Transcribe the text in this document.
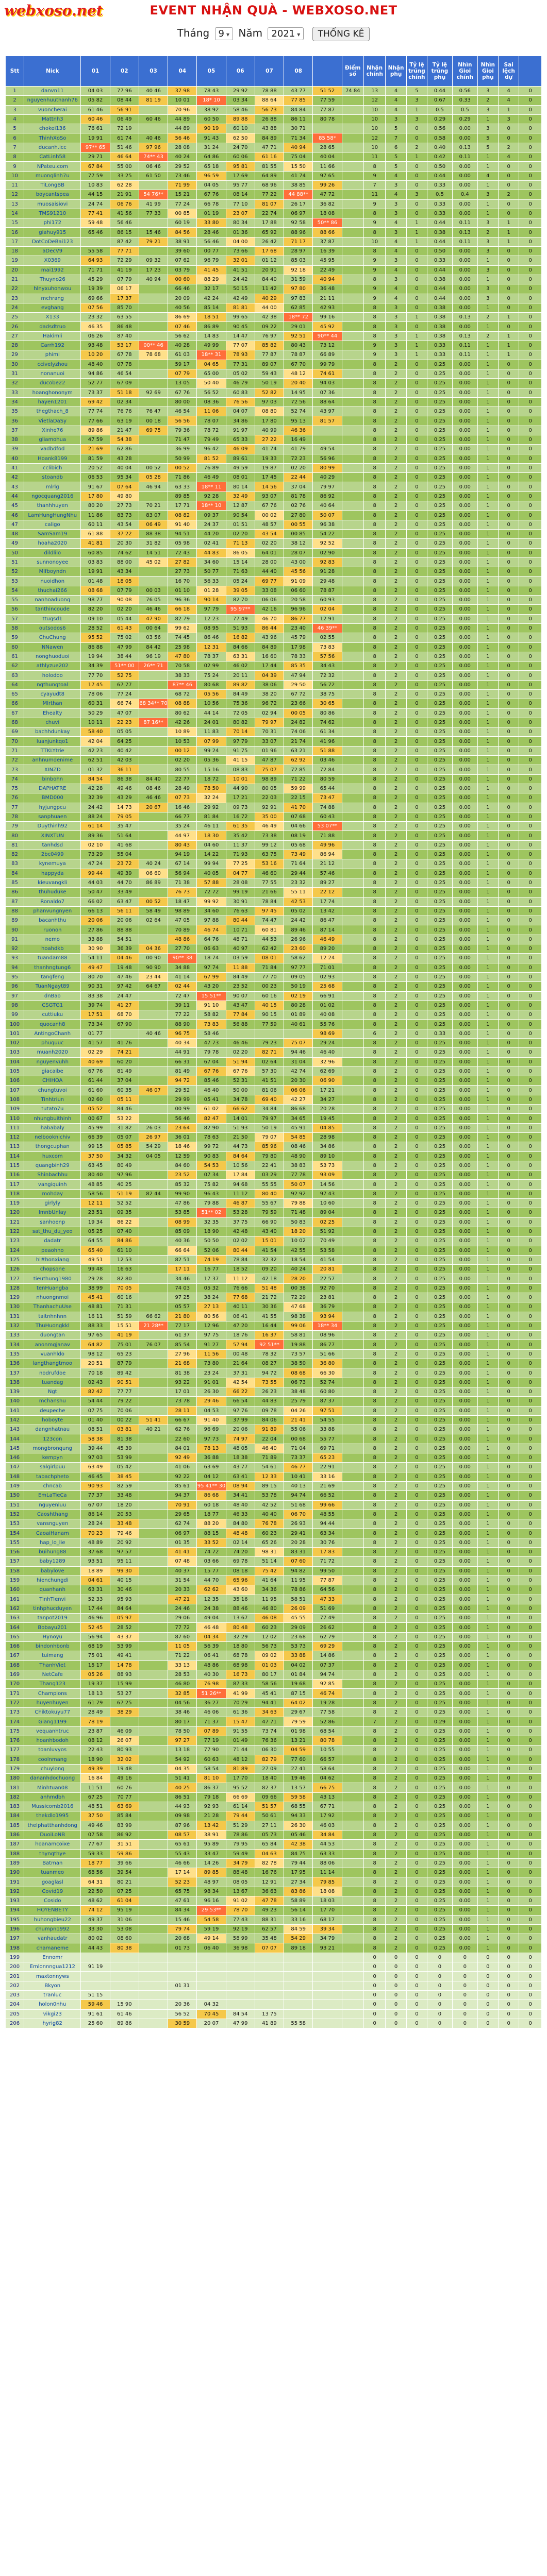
webxoso.net	EVENT NHẬN QUÀ - WEBXOSO.NET
Tháng 9 ▾ Năm 2021 ▾ THỐNG KÊ
Stt	Nick	01	02	03	04	05	06	07	08		Điểm số	Nhận chính	Nhận phụ	Tỷ lệ trúng chính	Tỷ lệ trúng phụ	Nhìn Gioi chính	Nhìn Gioi phụ	Sai lệch dự	
1	danvn11	04 03	77 96	40 46	37 98	78 43	29 92	78 88	43 77	51 52	74 84	13	4	5	0.44	0.56	3	4	0
2	nguyenhuuthanh76	05 82	08 44	81 19	10 01	18* 10	03 34	88 64	77 85	77 59		12	4	3	0.67	0.33	2	4	0
3	vuoncherai	61 46	56 91		70 96	38 92	58 46	56 73	84 84	77 87		10	4	1	0.5	0.5	3	1	0
4	Mattnh3	60 46	06 49	60 46	44 89	60 50	89 88	26 88	86 11	80 78		10	3	3	0.29	0.29	1	3	0
5	chokei136	76 61	72 19		44 89	90 19	60 10	43 88	30 71			10	5	0	0.56	0.00	3	0	0
6	ThinhXoSo	19 91	61 74	40 46	56 46	91 43	62 50	84 89	71 34	85 58*		12	7	0	0.58	0.00	5	0	0
7	ducanh.icc	97** 65	51 46	97 96	28 08	31 24	24 70	47 71	40 94	28 65		10	6	2	0.40	0.13	5	2	0
8	CatLinh58	29 71	46 64	74** 43	40 24	64 86	60 06	61 16	75 04	40 04		11	5	1	0.42	0.11	1	4	0
9	NPateu.com	67 84	55 00	06 46	29 52	65 18	95 81	81 55	15 50	11 66		8	5	0	0.50	0.00	1	0	0
10	muonglinh7u	77 59	33 25	61 50	73 46	96 59	17 69	64 89	41 74	97 65		9	4	0	0.44	0.00	4	0	0
11	TiLongBB	10 83	62 28		71 99	04 05	95 77	68 96	38 85	99 26		7	3	0	0.33	0.00	1	0	0
12	boycantspea	44 15	21 91	54 76**	15 21	67 76	08 14	77 22	44 88**	47 72		11	4	3	0.5	0.4	3	2	0
13	muosaisiovi	24 74	06 76	41 99	77 24	66 78	77 10	81 07	26 17	36 82		9	3	0	0.33	0.00	1	0	0
14	TMS91210	77 41	41 56	77 33	00 85	01 19	23 07	22 74	06 97	18 08		8	3	0	0.33	0.00	1	0	0
15	phi172	59 48	56 46		60 19	33 80	80 34	17 88	92 58	50** 86		9	4	1	0.44	0.11	3	1	0
16	giahuy915	65 46	86 15	15 46	84 56	28 46	01 36	65 92	88 96	88 66		8	3	1	0.38	0.13	2	1	0
17	DotCoDeBai123		87 42	79 21	38 91	56 46	04 00	26 42	71 17	37 87		10	4	1	0.44	0.11	3	1	0
18	aDecV9	55 58	77 71		39 60	00 77	73 66	17 68	28 97	16 39		8	4	0	0.50	0.00	3	0	0
19	X0369	64 93	72 29	09 32	07 62	96 79	32 01	01 12	85 03	45 95		9	3	0	0.33	0.00	1	0	0
20	mai1992	71 71	41 19	17 23	03 79	41 45	41 51	20 91	92 18	22 49		9	4	0	0.44	0.00	3	0	0
21	Thuyno26	45 29	07 79	40 94	00 60	88 29	24 42	84 40	31 59	40 94		8	3	0	0.38	0.00	1	0	0
22	hlnyxuhonwou	19 39	06 17		66 46	32 17	50 15	11 42	97 80	36 48		9	4	0	0.44	0.00	3	0	0
23	mchrang	69 66	17 37		20 09	42 24	42 49	40 29	97 83	21 11		9	4	0	0.44	0.00	3	0	0
24	evghang	07 56	85 70		40 56	85 14	81 81	44 00	62 85	42 93		8	3	0	0.38	0.00	1	0	0
25	X133	23 32	63 55		86 69	18 51	99 65	42 38	18** 72	99 16		8	3	1	0.38	0.13	2	1	0
26	dadsdtruo	46 35	86 48		07 46	86 89	90 45	09 22	29 01	45 92		8	3	0	0.38	0.00	1	0	0
27	Hakimli	06 26	87 40		56 62	14 83	14 47	76 97	92 51	90** 44		8	3	1	0.38	0.13	2	1	0
28	Carrh192	93 48	53 17	00** 46	40 28	49 99	77 07	85 82	80 43	73 12		9	3	1	0.33	0.11	1	1	0
29	phimi	10 20	67 78	78 68	61 03	18** 31	78 93	77 87	78 87	66 89		9	3	1	0.33	0.11	1	1	0
30	ccivelyzhou	48 40	07 78		59 17	04 65	77 31	89 07	67 70	99 79		8	2	0	0.25	0.00	1	0	0
31	nonanuoi	94 86	46 54		07 79	65 00	05 02	59 43	48 12	74 61		8	2	0	0.25	0.00	1	0	0
32	ducobe22	52 77	67 09		13 05	50 40	46 79	50 19	20 40	94 03		8	2	0	0.25	0.00	1	0	0
33	hoanghononym	73 37	51 18	92 69	67 76	56 52	60 83	52 82	14 95	07 36		8	2	0	0.25	0.00	1	0	0
34	hayen1201	69 42	02 34		80 00	08 36	76 56	97 03	72 56	88 64		8	2	0	0.25	0.00	1	0	0
35	thegthach_8	77 74	76 76	76 47	46 54	11 06	04 07	08 80	52 74	43 97		8	2	0	0.25	0.00	1	0	0
36	VietlaDaSy	77 66	63 19	00 18	56 56	78 07	34 86	17 80	95 13	81 57		8	2	0	0.25	0.00	1	0	0
37	Xinhe76	89 86	21 47	69 75	79 36	78 72	91 97	40 99	46 36			8	2	0	0.25	0.00	1	0	0
38	gliamohua	47 59	54 38		71 47	79 49	65 33	27 22	16 49			8	2	0	0.25	0.00	1	0	0
39	vadbdfod	21 69	62 86		36 99	96 42	46 09	41 74	41 79	49 54		8	2	0	0.25	0.00	1	0	0
40	Hoank8199	81 59	43 28		50 99	81 52	89 61	19 33	72 23	56 96		8	2	0	0.25	0.00	1	0	0
41	cclibich	20 52	40 04	00 52	00 52	76 89	49 59	19 87	02 20	80 99		8	2	0	0.25	0.00	1	0	0
42	stoandb	06 53	95 34	05 28	71 86	46 49	08 01	17 45	22 44	40 29		8	2	0	0.25	0.00	1	0	0
43	mlrlg	91 67	07 64	46 94	63 33	18** 11	80 14	14 56	37 04	79 97		8	2	0	0.25	0.00	1	0	0
44	ngocquang2016	17 80	49 80		89 85	92 28	32 49	93 07	81 78	86 92		8	2	0	0.25	0.00	1	0	0
45	thanhhuyen	80 20	27 73	70 21	17 71	18** 10	12 87	67 76	02 76	40 64		8	2	0	0.25	0.00	1	0	0
46	LamHungHungNhu	11 86	83 73	83 07	08 82	09 37	90 54	00 02	27 80	50 07		8	2	0	0.25	0.00	1	0	0
47	caligo	60 11	43 54	06 49	91 40	24 37	01 51	48 57	00 55	96 38		8	2	0	0.25	0.00	1	0	0
48	SamSam19	61 88	37 22	88 38	94 51	44 20	02 20	43 54	00 85	54 22		8	2	0	0.25	0.00	1	0	0
49	hoaha2020	41 81	20 30	31 82	05 98	02 41	71 13	02 20	38 12	92 52		8	2	0	0.25	0.00	1	0	0
50	dildlilo	60 85	74 62	14 51	72 43	44 83	86 05	64 01	28 07	02 90		8	2	0	0.25	0.00	1	0	0
51	sunnonoyee	03 83	88 00	45 02	27 82	34 60	15 14	28 00	43 00	92 83		8	2	0	0.25	0.00	1	0	0
52	Mlfboyndn	19 91	43 34		27 73	50 77	71 63	44 40	45 56	91 28		8	2	0	0.25	0.00	1	0	0
53	nuoidhon	01 48	18 05		16 70	56 33	05 24	69 77	91 09	29 48		8	2	0	0.25	0.00	1	0	0
54	thuchai266	08 68	07 79	00 03	01 10	01 28	39 05	33 08	06 60	78 87		8	2	0	0.25	0.00	1	0	0
55	nanhoaduong	98 77	90 08	76 05	96 36	90 14	82 70	06 06	20 58	60 93		8	2	0	0.25	0.00	1	0	0
56	tanthincoude	82 20	02 20	46 46	66 18	97 79	95 97**	42 16	96 96	02 04		8	2	0	0.25	0.00	1	0	0
57	ttugsd1	09 10	05 44	47 90	82 79	12 23	77 49	46 70	86 77	12 91		8	2	0	0.25	0.00	1	0	0
58	outsodos6	28 52	61 43	00 64	99 62	08 95	51 93	86 44	23 40	46 39**		8	2	0	0.25	0.00	1	0	0
59	ChuChung	95 52	75 02	03 56	74 45	86 46	16 82	43 96	45 79	02 55		8	2	0	0.25	0.00	1	0	0
60	NNawen	86 88	47 99	84 42	25 98	12 31	84 66	84 89	17 98	73 83		8	2	0	0.25	0.00	1	0	0
61	nonghuoduoi	19 94	38 44	96 19	47 80	78 37	63 31	16 60	78 33	57 56		8	2	0	0.25	0.00	1	0	0
62	athlyzue202	34 39	51** 00	26** 71	70 58	02 99	46 02	17 44	85 35	34 43		8	2	0	0.25	0.00	1	0	0
63	holodoo	77 70	52 75		38 33	75 24	20 11	04 39	47 94	72 32		8	2	0	0.25	0.00	1	0	0
64	ngthungtoal	17 45	67 77		87** 46	80 68	89 82	38 06	29 50	56 72		8	2	0	0.25	0.00	1	0	0
65	cyayudt8	78 06	77 24		68 72	05 56	84 49	38 20	67 72	38 75		8	2	0	0.25	0.00	1	0	0
66	Mlrthan	60 31	66 74	68 34** 70	08 88	10 56	75 36	96 72	23 66	30 65		8	2	0	0.25	0.00	1	0	0
67	Ehealty	50 29	47 07		80 62	44 14	72 05	02 94	00 05	80 86		8	2	0	0.25	0.00	1	0	0
68	chuvi	10 11	22 23	87 16**	42 26	24 01	80 82	79 97	24 82	74 62		8	2	0	0.25	0.00	1	0	0
69	bachhdunkay	58 40	05 05		10 89	11 83	70 14	70 31	74 06	61 34		8	2	0	0.25	0.00	1	0	0
70	luanjunkqo1	42 04	64 25		10 53	07 99	97 79	33 07	21 74	41 96		8	2	0	0.25	0.00	1	0	0
71	TTKLYtrie	42 23	40 42		00 12	99 24	91 75	01 96	63 21	51 88		8	2	0	0.25	0.00	1	0	0
72	anhnumdenime	62 51	42 03		02 20	05 36	41 15	47 87	62 92	03 46		8	2	0	0.25	0.00	1	0	0
73	XINZD	01 32	36 11		80 55	15 16	08 83	75 07	72 85	72 84		8	2	0	0.25	0.00	1	0	0
74	binbohn	84 54	86 38	84 40	22 77	18 72	10 01	98 89	71 22	80 59		8	2	0	0.25	0.00	1	0	0
75	DAPHATRE	42 28	49 46	08 46	28 49	78 50	44 90	80 05	59 99	65 44		8	2	0	0.25	0.00	1	0	0
76	BMD000	32 39	43 29	46 46	07 73	32 24	17 21	22 03	22 15	73 47		8	2	0	0.25	0.00	1	0	0
77	hyjungpcu	24 42	14 73	20 67	16 46	29 92	09 73	92 91	41 70	74 88		8	2	0	0.25	0.00	1	0	0
78	sanphuaen	88 24	79 05		66 77	81 84	16 72	35 00	07 68	60 43		8	2	0	0.25	0.00	1	0	0
79	Duythinh92	61 14	35 47		35 24	46 11	61 35	46 49	04 66	53 07**		8	2	0	0.25	0.00	1	0	0
80	XINXTUN	89 36	51 64		44 97	18 30	35 42	73 38	08 19	71 88		8	2	0	0.25	0.00	1	0	0
81	tanhdsd	02 10	41 68		80 43	04 60	11 37	99 12	05 68	49 96		8	2	0	0.25	0.00	1	0	0
82	2bc0499	73 29	55 04		94 19	14 22	71 93	63 75	73 49	86 94		8	2	0	0.25	0.00	1	0	0
83	kynemuya	47 24	23 72	40 24	67 14	99 94	77 25	53 16	71 64	21 12		8	2	0	0.25	0.00	1	0	0
84	happyda	99 44	49 39	06 60	56 94	40 05	04 77	46 60	29 44	57 46		8	2	0	0.25	0.00	1	0	0
85	kieuvangkli	44 03	44 70	86 89	71 38	57 88	28 08	77 55	23 32	89 27		8	2	0	0.25	0.00	1	0	0
86	thuhuduke	50 47	33 49		76 73	72 72	99 19	21 66	55 11	22 12		8	2	0	0.25	0.00	1	0	0
87	Ronaldo7	66 02	63 47	00 52	18 47	99 92	30 91	78 84	42 53	17 74		8	2	0	0.25	0.00	1	0	0
88	phanvungnyen	66 13	56 11	58 49	98 89	34 60	76 63	97 45	05 02	13 42		8	2	0	0.25	0.00	1	0	0
89	bacanhthu	20 06	20 06	02 64	47 05	97 88	80 44	74 47	24 42	86 47		8	2	0	0.25	0.00	1	0	0
90	ruonon	27 86	88 88		70 89	46 74	10 71	60 81	89 46	87 14		8	2	0	0.25	0.00	1	0	0
91	nemo	33 88	54 51		48 86	64 76	48 71	44 53	26 96	46 49		8	2	0	0.25	0.00	1	0	0
92	hoahdkb	30 90	36 39	04 36	27 70	06 63	40 97	62 42	23 60	89 20		8	2	0	0.25	0.00	1	0	0
93	tuandam88	54 11	04 46	00 90	90** 38	18 74	03 59	08 01	58 62	12 24		8	2	0	0.25	0.00	1	0	0
94	thanhngtung6	49 47	19 48	90 90	34 88	97 74	11 88	71 84	97 77	71 01		8	2	0	0.25	0.00	1	0	0
95	tangfeng	80 70	47 46	23 44	41 14	67 99	84 49	77 70	09 05	02 93		8	2	0	0.25	0.00	1	0	0
96	TuanNgayt89	90 31	97 42	64 67	02 44	43 20	23 52	00 23	50 19	25 68		8	2	0	0.25	0.00	1	0	0
97	dnBao	83 38	24 47		72 47	15 51**	90 07	60 16	02 19	66 91		8	2	0	0.25	0.00	1	0	0
98	CSGTG1	39 74	41 27		39 11	91 10	43 47	40 15	80 28	01 02		8	2	0	0.25	0.00	1	0	0
99	cuttiuku	17 51	68 70		77 22	58 82	77 84	90 15	01 89	40 08		8	2	0	0.25	0.00	1	0	0
100	quocanh8	73 34	67 90		88 90	73 83	56 88	77 59	40 61	55 76		8	2	0	0.25	0.00	1	0	0
101	AntingoChanh	01 77		40 46	96 75	58 46				98 69		6	2	0	0.33	0.00	1	0	0
102	phuquuc	41 57	41 76		40 34	47 73	46 46	79 23	75 07	29 24		8	2	0	0.25	0.00	1	0	0
103	muanh2020	02 29	74 21		44 91	79 78	02 20	82 71	94 46	46 40		8	2	0	0.25	0.00	1	0	0
104	nguyenvuhh	40 69	60 20		66 31	67 04	51 94	02 64	31 04	32 96		8	2	0	0.25	0.00	1	0	0
105	giacaibe	67 76	81 49		81 49	67 76	67 76	57 30	42 74	62 69		8	2	0	0.25	0.00	1	0	0
106	CHIHOA	61 44	37 04		94 72	85 46	52 31	41 51	20 30	06 90		8	2	0	0.25	0.00	1	0	0
107	chungtuvoi	61 60	60 35	46 07	29 52	46 40	50 00	81 06	06 06	17 21		8	2	0	0.25	0.00	1	0	0
108	Tinhtriun	02 60	05 11		29 99	05 41	34 78	69 40	42 27	34 27		8	2	0	0.25	0.00	1	0	0
109	tutato7u	05 52	84 46		00 99	61 02	66 62	34 84	86 68	20 28		8	2	0	0.25	0.00	1	0	0
110	nhungbuithinh	00 67	53 22		56 46	82 47	14 01	79 97	34 65	19 45		8	2	0	0.25	0.00	1	0	0
111	hababaly	45 99	31 82	26 03	23 64	82 90	51 93	50 19	45 91	04 85		8	2	0	0.25	0.00	1	0	0
112	nelbooknichiv	66 39	05 07	26 97	36 01	78 63	21 50	79 07	54 85	28 98		8	2	0	0.25	0.00	1	0	0
113	thongcuphan	99 15	05 85	54 29	18 46	99 72	44 73	85 96	08 46	34 86		8	2	0	0.25	0.00	1	0	0
114	huxcom	37 50	34 32	04 05	12 59	90 83	84 64	79 80	48 90	89 10		8	2	0	0.25	0.00	1	0	0
115	quangbinh29	63 45	80 49		84 60	54 53	10 56	22 41	38 83	53 73		8	2	0	0.25	0.00	1	0	0
116	Shinbachhu	80 40	97 96		23 52	07 34	17 84	03 29	77 78	93 09		8	2	0	0.25	0.00	1	0	0
117	vangiquinh	48 85	40 25		85 32	75 82	94 68	55 55	50 07	14 56		8	2	0	0.25	0.00	1	0	0
118	mohday	58 56	51 19	82 44	99 90	96 43	11 12	80 40	92 92	97 43		8	2	0	0.25	0.00	1	0	0
119	girlyly	12 11	52 52		47 86	79 88	46 87	55 67	79 88	10 60		8	2	0	0.25	0.00	1	0	0
120	ImnbUnlay	23 51	09 35		53 85	51** 02	53 28	79 59	71 48	89 04		8	2	0	0.25	0.00	1	0	0
121	sanhoenp	19 34	86 22		08 99	32 35	37 75	66 90	50 83	02 25		8	2	0	0.25	0.00	1	0	0
122	sat_thu_du_yeo	05 25	07 40		85 09	18 90	42 48	43 40	18 20	51 92		8	2	0	0.25	0.00	1	0	0
123	dadatr	64 55	84 86		40 36	50 50	02 02	15 01	10 02	70 49		8	2	0	0.25	0.00	1	0	0
124	peaohno	65 40	61 10		66 64	52 06	80 44	41 54	42 55	53 58		8	2	0	0.25	0.00	1	0	0
125	hl#honxiang	49 51	12 53		82 51	74 19	78 84	32 32	18 54	41 54		8	2	0	0.25	0.00	1	0	0
126	chopsone	99 48	16 63		17 11	16 77	18 52	09 20	40 24	20 81		8	2	0	0.25	0.00	1	0	0
127	tieuthung1980	29 28	82 80		34 46	17 37	11 12	42 18	28 20	22 57		8	2	0	0.25	0.00	1	0	0
128	tenHuangba	38 99	70 05		74 03	05 32	76 66	51 48	00 38	92 70		8	2	0	0.25	0.00	1	0	0
129	nhuongnmoi	45 41	60 16		97 25	38 24	77 68	21 72	72 29	23 81		8	2	0	0.25	0.00	1	0	0
130	ThanhachuUse	48 81	71 31		05 57	27 13	40 11	30 36	47 68	36 79		8	2	0	0.25	0.00	1	0	0
131	taitnhnhnn	16 11	51 59	66 62	21 80	80 56	06 41	41 55	98 38	93 94		8	2	0	0.25	0.00	1	0	0
132	ThuHuongkkl	88 33	15 51	21 28**	77 17	12 96	47 20	16 44	99 06	18** 34		8	2	0	0.25	0.00	1	0	0
133	duongtan	97 65	41 19		61 37	97 75	18 76	16 37	58 81	08 96		8	2	0	0.25	0.00	1	0	0
134	anonmgjanav	64 82	75 01	76 07	85 54	91 27	57 94	92 51**	19 88	86 77		8	2	0	0.25	0.00	1	0	0
135	vuanhldo	98 12	65 23		27 96	11 56	00 48	78 32	73 57	51 66		8	2	0	0.25	0.00	1	0	0
136	langthangtmoo	20 51	87 79		21 68	73 80	21 64	08 27	38 50	36 80		8	2	0	0.25	0.00	1	0	0
137	nodrufdoe	70 18	89 42		81 38	23 24	37 31	94 72	08 68	66 30		8	2	0	0.25	0.00	1	0	0
138	tuandag	02 43	90 51		93 22	91 01	42 54	73 55	06 73	52 74		8	2	0	0.25	0.00	1	0	0
139	Ngt	82 42	77 77		17 01	26 30	66 22	26 23	38 48	60 80		8	2	0	0.25	0.00	1	0	0
140	mchanshu	54 44	79 22		73 78	29 46	66 54	44 83	25 79	87 37		8	2	0	0.25	0.00	1	0	0
141	deupeche	07 75	70 06		28 11	04 53	97 76	09 78	04 26	97 51		8	2	0	0.25	0.00	1	0	0
142	hoboyte	01 40	00 22	51 41	66 67	91 40	37 99	84 06	21 41	54 55		8	2	0	0.25	0.00	1	0	0
143	dangnhatnau	08 51	03 81	40 21	62 76	96 69	20 06	91 89	55 06	33 88		8	2	0	0.25	0.00	1	0	0
144	123con	58 38	81 38		22 60	97 73	74 97	22 04	00 68	55 77		8	2	0	0.25	0.00	1	0	0
145	mongbronqung	39 44	45 39		84 01	78 13	48 05	46 40	71 04	69 71		8	2	0	0.25	0.00	1	0	0
146	kempyn	97 03	53 99		92 49	36 88	18 38	71 89	73 37	65 23		8	2	0	0.25	0.00	1	0	0
147	salgirlpuu	63 49	05 42		41 06	63 69	43 77	54 61	46 77	22 91		8	2	0	0.25	0.00	1	0	0
148	tabachpheto	46 45	38 45		92 22	04 12	63 41	12 33	10 41	33 16		8	2	0	0.25	0.00	1	0	0
149	chncab	90 93	82 59		85 61	95 41** 30	08 94	89 15	40 13	21 69		8	2	0	0.25	0.00	1	0	0
150	EmLaTieCa	77 37	33 48		94 37	86 68	34 41	53 78	94 74	66 52		8	2	0	0.25	0.00	1	0	0
151	nguyenluu	67 07	18 20		70 91	60 18	48 40	42 52	51 68	99 66		8	2	0	0.25	0.00	1	0	0
152	Caoshthang	86 14	20 53		29 65	18 77	46 33	40 40	06 70	48 55		8	2	0	0.25	0.00	1	0	0
153	vansnguyen	28 24	33 48		62 74	88 20	84 80	76 78	26 93	94 44		8	2	0	0.25	0.00	1	0	0
154	CaoaiHanam	70 23	79 46		06 97	88 15	48 48	60 23	29 41	63 34		8	2	0	0.25	0.00	1	0	0
155	hap_lo_lie	48 89	20 92		01 35	33 52	02 14	65 26	20 28	30 76		8	2	0	0.25	0.00	1	0	0
156	buihung88	37 68	97 57		41 41	74 72	74 20	98 31	83 31	17 83		8	2	0	0.25	0.00	1	0	0
157	baby1289	93 51	95 11		07 48	03 66	69 78	51 14	07 60	71 72		8	2	0	0.25	0.00	1	0	0
158	babylove	18 89	99 30		40 37	15 77	08 18	75 42	94 82	99 50		8	2	0	0.25	0.00	1	0	0
159	hienchungdi	04 61	40 15		31 54	44 70	65 96	41 64	11 95	77 87		8	2	0	0.25	0.00	1	0	0
160	quanhanh	63 31	30 46		20 33	62 62	43 60	34 36	78 86	64 56		8	2	0	0.25	0.00	1	0	0
161	TinhTienvi	52 33	95 93		47 21	12 35	35 16	11 95	58 51	47 33		8	2	0	0.25	0.00	1	0	0
162	tinhphucduyen	17 44	84 64		24 46	24 38	88 46	46 80	26 09	51 69		8	2	0	0.25	0.00	1	0	0
163	tanpot2019	46 96	05 97		29 06	49 04	13 67	46 08	45 55	77 49		8	2	0	0.25	0.00	1	0	0
164	Bobayu201	52 45	28 52		77 72	46 48	80 48	60 23	29 09	26 62		8	2	0	0.25	0.00	1	0	0
165	Hynoyu	56 94	43 37		87 60	04 34	32 29	12 02	23 68	62 79		8	2	0	0.25	0.00	1	0	0
166	bindonhbonb	68 19	53 99		11 05	56 39	18 80	56 73	53 73	69 29		8	2	0	0.25	0.00	1	0	0
167	tuimang	75 01	49 41		71 22	06 41	68 78	09 02	33 88	14 86		8	2	0	0.25	0.00	1	0	0
168	ThanhViet	15 17	14 78		33 13	48 86	68 98	01 03	04 02	07 37		8	2	0	0.25	0.00	1	0	0
169	NetCafe	05 26	88 93		28 53	40 30	16 73	80 17	01 84	94 74		8	2	0	0.25	0.00	1	0	0
170	Thang123	19 37	15 99		46 80	76 98	87 33	58 56	19 68	92 85		8	2	0	0.25	0.00	1	0	0
171	Champions	18 13	53 27		32 85	51 26**	41 99	45 41	87 15	46 74		8	2	0	0.25	0.00	1	0	0
172	huyenhuyen	61 79	67 25		04 56	36 27	70 29	94 41	64 02	19 28		8	2	0	0.25	0.00	1	0	0
173	Chiktokuyu77	28 49	38 29		38 46	46 06	61 36	34 63	29 67	77 58		8	2	0	0.25	0.00	1	0	0
174	Giang1199	78 19			80 17	71 37	15 47	47 71	79 59	52 86		7	2	0	0.29	0.00	1	0	0
175	vequanhtruc	23 87	46 09		78 50	07 89	91 55	73 74	01 98	68 54		8	2	0	0.25	0.00	1	0	0
176	hoanhbodoh	08 12	26 07		97 27	77 19	01 49	76 36	13 21	80 78		8	2	0	0.25	0.00	1	0	0
177	toanluvyos	22 43	80 93		13 18	77 90	71 44	06 30	04 59	10 55		8	2	0	0.25	0.00	1	0	0
178	coolnmang	18 90	32 02		54 92	60 63	48 12	82 79	77 60	66 57		8	2	0	0.25	0.00	1	0	0
179	chuylong	49 39	19 48		04 35	58 54	81 89	27 09	27 41	58 64		8	2	0	0.25	0.00	1	0	0
180	dananhdochuong	16 84	49 16		51 41	81 10	17 70	18 40	19 46	04 62		8	2	0	0.25	0.00	1	0	0
181	Minhtuan08	11 51	60 76		40 25	86 37	95 52	82 37	13 57	66 75		8	2	0	0.25	0.00	1	0	0
182	anhmdbh	67 25	70 77		86 51	79 18	66 69	09 66	59 58	43 13		8	2	0	0.25	0.00	1	0	0
183	Mussicomb2016	48 51	63 69		44 93	92 93	61 14	51 57	68 55	67 71		8	2	0	0.25	0.00	1	0	0
184	thekdlo1995	37 50	85 84		09 98	21 28	79 44	50 61	94 33	17 92		8	2	0	0.25	0.00	1	0	0
185	theIphatthanhdong	49 46	83 99		87 96	13 42	51 29	27 11	26 30	46 03		8	2	0	0.25	0.00	1	0	0
186	DuoiLoNB	07 58	86 92		08 57	38 91	78 86	05 73	05 46	34 84		8	2	0	0.25	0.00	1	0	0
187	hoanamcoixe	77 67	31 51		65 61	95 89	79 95	65 84	42 38	44 53		8	2	0	0.25	0.00	1	0	0
188	thyngthye	59 33	59 86		55 43	33 47	59 49	04 63	84 75	63 33		8	2	0	0.25	0.00	1	0	0
189	Batman	18 77	39 66		46 66	14 26	34 79	82 78	79 44	88 06		8	2	0	0.25	0.00	1	0	0
190	tuanmeo	68 56	39 54		17 14	89 85	88 48	16 76	17 95	11 14		8	2	0	0.25	0.00	1	0	0
191	goaglasl	64 31	80 21		52 23	48 97	08 05	12 91	27 34	79 85		8	2	0	0.25	0.00	1	0	0
192	Covid19	22 50	07 25		65 75	98 34	13 67	36 63	83 86	18 08		8	2	0	0.25	0.00	1	0	0
193	Cosido	48 62	61 04		47 61	96 16	91 02	47 78	58 89	18 03		8	2	0	0.25	0.00	1	0	0
194	HOYENBETY	74 12	95 19		84 34	29 53**	78 70	49 23	56 14	17 70		8	2	0	0.25	0.00	1	0	0
195	huhongbieu22	49 37	31 06		15 46	54 58	77 43	88 31	33 16	68 17		8	2	0	0.25	0.00	1	0	0
196	chumpn1992	33 30	53 08		79 74	59 19	92 19	62 57	84 59	39 34		8	2	0	0.25	0.00	1	0	0
197	vanhaudatr	80 02	08 60		20 68	49 14	58 99	35 48	54 29	34 79		8	2	0	0.25	0.00	1	0	0
198	chamaneme	44 43	80 38		01 73	06 40	36 98	07 07	89 18	93 21		8	2	0	0.25	0.00	1	0	0
199	Ennomr											0	0	0	0	0	0	0	0
200	Emlonnngua1212	91 19										0	0	0	0	0	0	0	0
201	maxtonnyws											0	0	0	0	0	0	0	0
202	Bkyon				01 31							0	0	0	0	0	0	0	0
203	tranluc	51 15										0	0	0	0	0	0	0	0
204	holon0nhu	59 46	15 90		20 36	04 32						0	0	0	0	0	0	0	0
205	vikgi23	91 61	61 46		56 52	70 45	84 54	13 75				0	0	0	0	0	0	0	0
206	hyrig82	25 60	89 86		30 59	20 07	47 99	41 89	55 58			0	0	0	0	0	0	0	0
